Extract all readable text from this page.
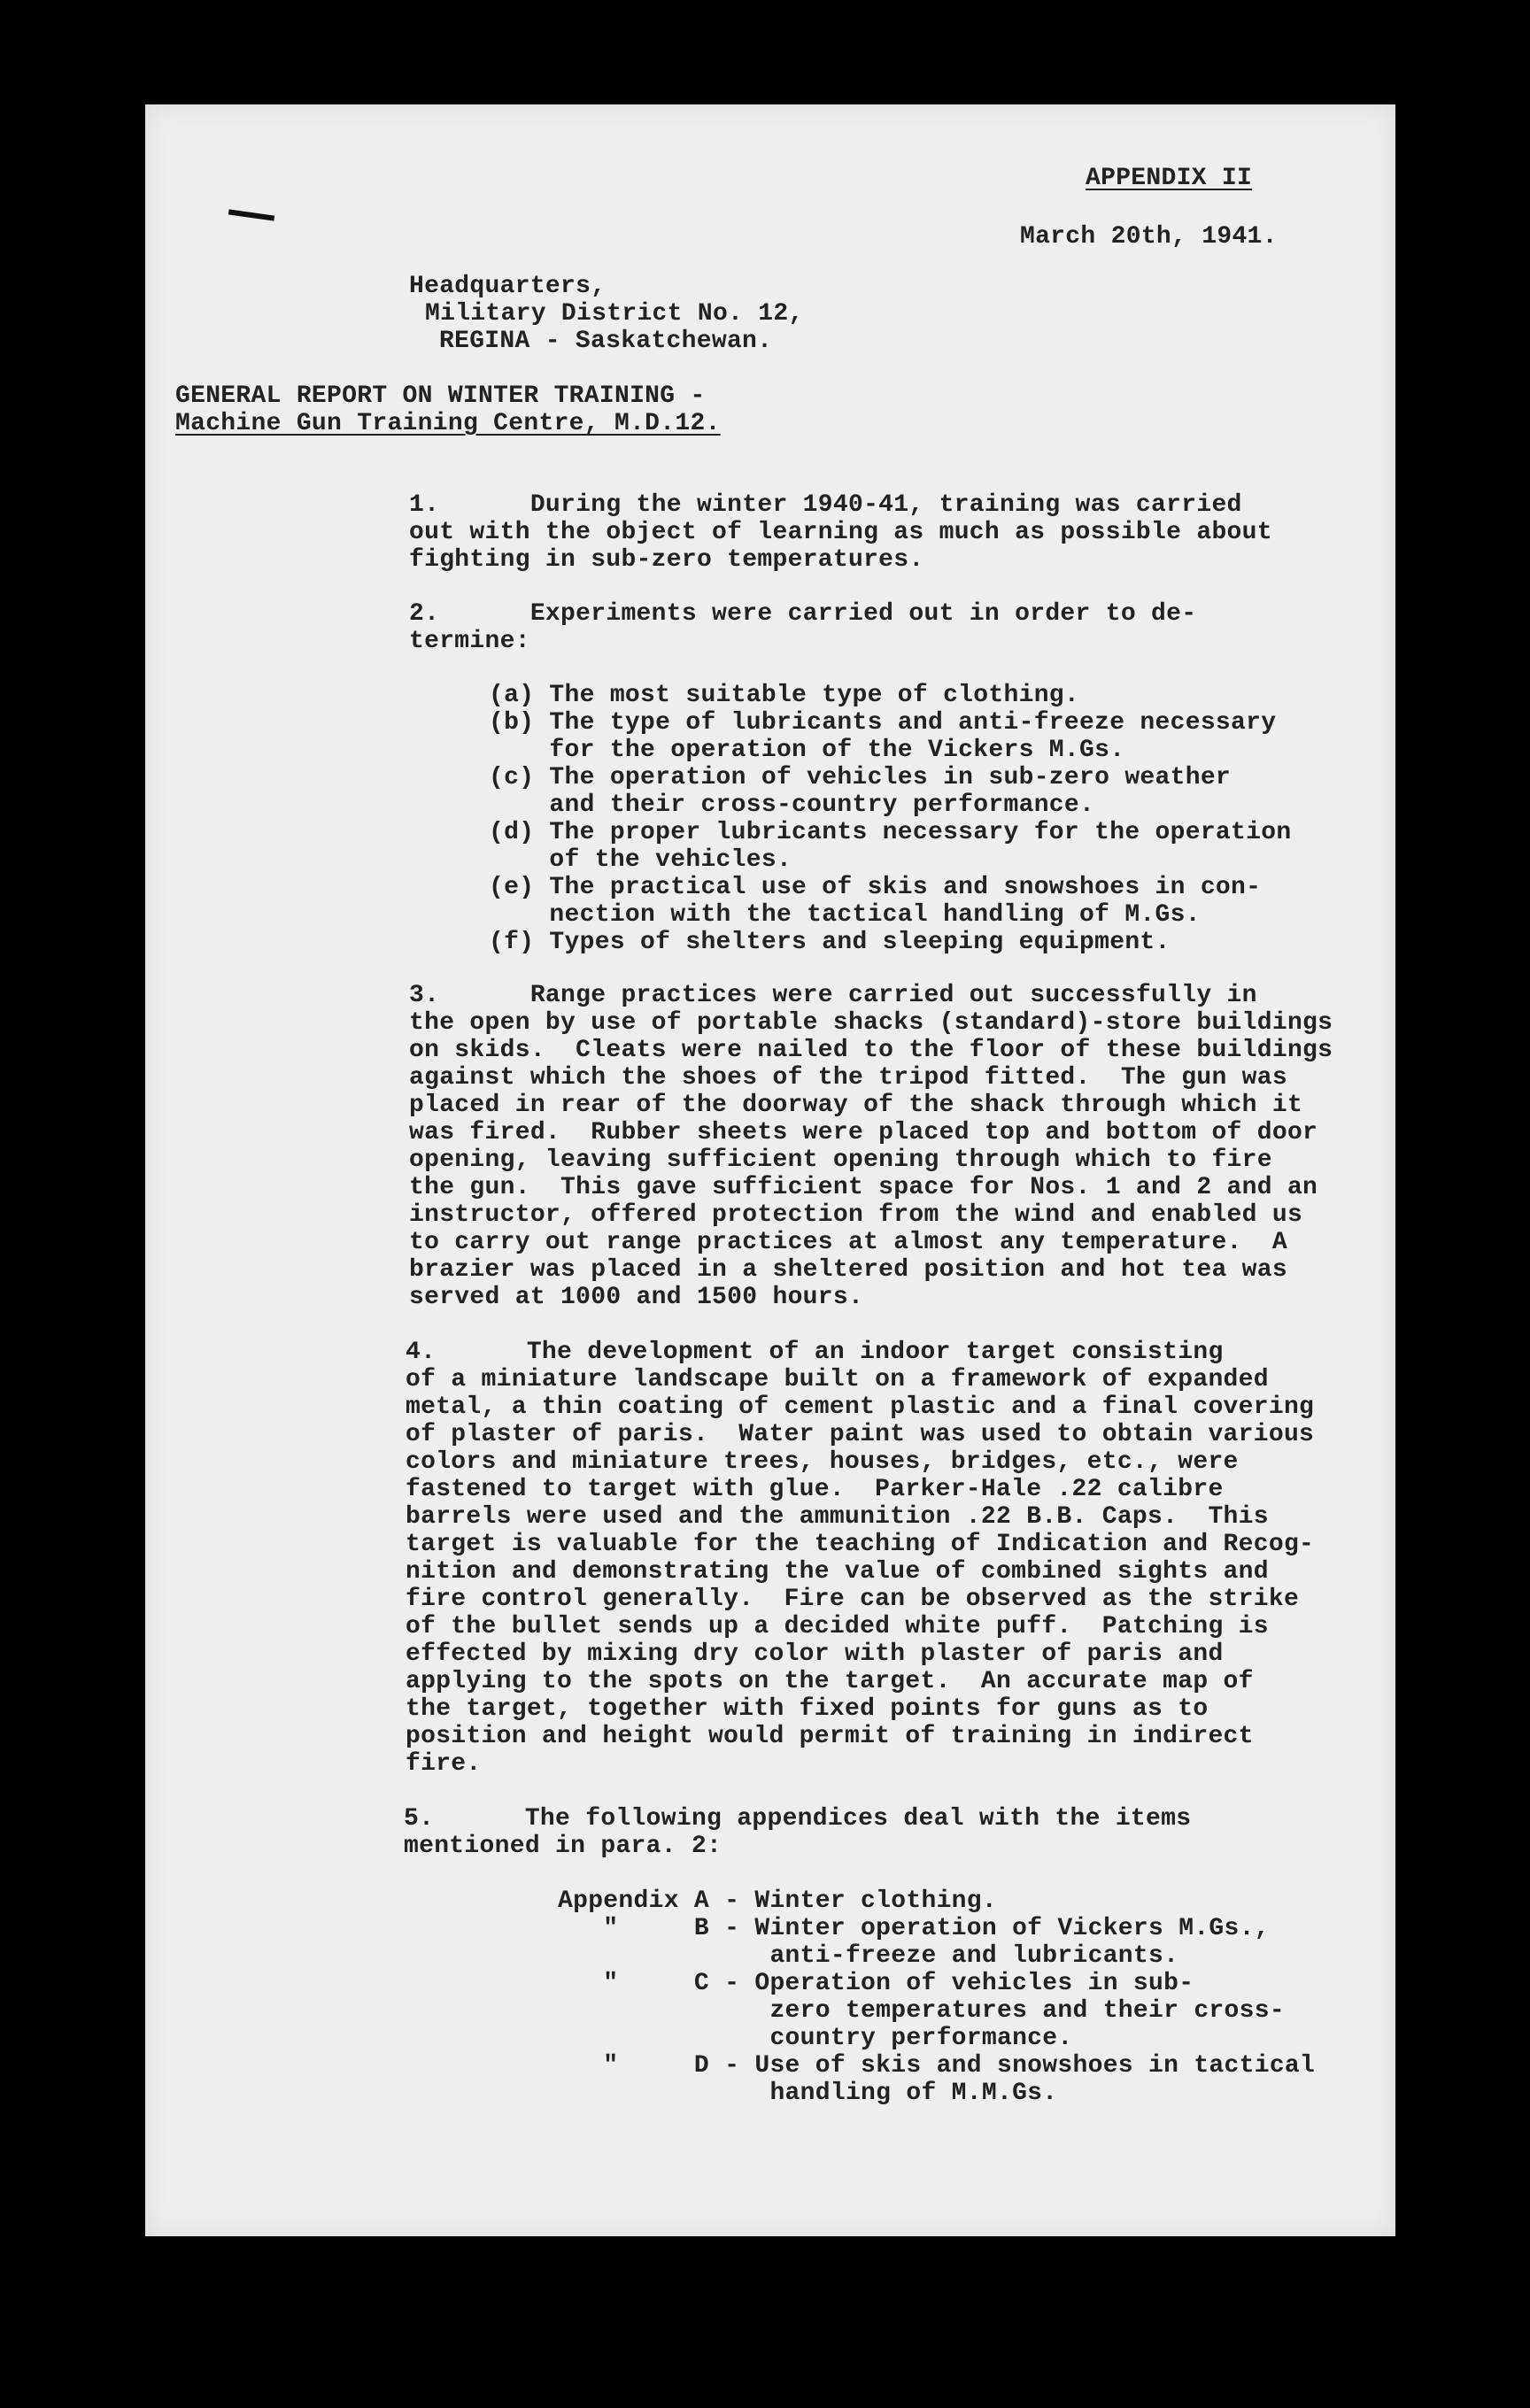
APPENDIX II
March 20th, 1941.
Headquarters,
Military District No. 12,
REGINA - Saskatchewan.
GENERAL REPORT ON WINTER TRAINING -
Machine Gun Training Centre, M.D.12.
1.      During the winter 1940-41, training was carried
out with the object of learning as much as possible about
fighting in sub-zero temperatures.
2.      Experiments were carried out in order to de-
termine:
(a) The most suitable type of clothing.
(b) The type of lubricants and anti-freeze necessary
for the operation of the Vickers M.Gs.
(c) The operation of vehicles in sub-zero weather
and their cross-country performance.
(d) The proper lubricants necessary for the operation
of the vehicles.
(e) The practical use of skis and snowshoes in con-
nection with the tactical handling of M.Gs.
(f) Types of shelters and sleeping equipment.
3.      Range practices were carried out successfully in
the open by use of portable shacks (standard)-store buildings
on skids.  Cleats were nailed to the floor of these buildings
against which the shoes of the tripod fitted.  The gun was
placed in rear of the doorway of the shack through which it
was fired.  Rubber sheets were placed top and bottom of door
opening, leaving sufficient opening through which to fire
the gun.  This gave sufficient space for Nos. 1 and 2 and an
instructor, offered protection from the wind and enabled us
to carry out range practices at almost any temperature.  A
brazier was placed in a sheltered position and hot tea was
served at 1000 and 1500 hours.
4.      The development of an indoor target consisting
of a miniature landscape built on a framework of expanded
metal, a thin coating of cement plastic and a final covering
of plaster of paris.  Water paint was used to obtain various
colors and miniature trees, houses, bridges, etc., were
fastened to target with glue.  Parker-Hale .22 calibre
barrels were used and the ammunition .22 B.B. Caps.  This
target is valuable for the teaching of Indication and Recog-
nition and demonstrating the value of combined sights and
fire control generally.  Fire can be observed as the strike
of the bullet sends up a decided white puff.  Patching is
effected by mixing dry color with plaster of paris and
applying to the spots on the target.  An accurate map of
the target, together with fixed points for guns as to
position and height would permit of training in indirect
fire.
5.      The following appendices deal with the items
mentioned in para. 2:
Appendix A - Winter clothing.
"     B - Winter operation of Vickers M.Gs.,
anti-freeze and lubricants.
"     C - Operation of vehicles in sub-
zero temperatures and their cross-
country performance.
"     D - Use of skis and snowshoes in tactical
handling of M.M.Gs.
